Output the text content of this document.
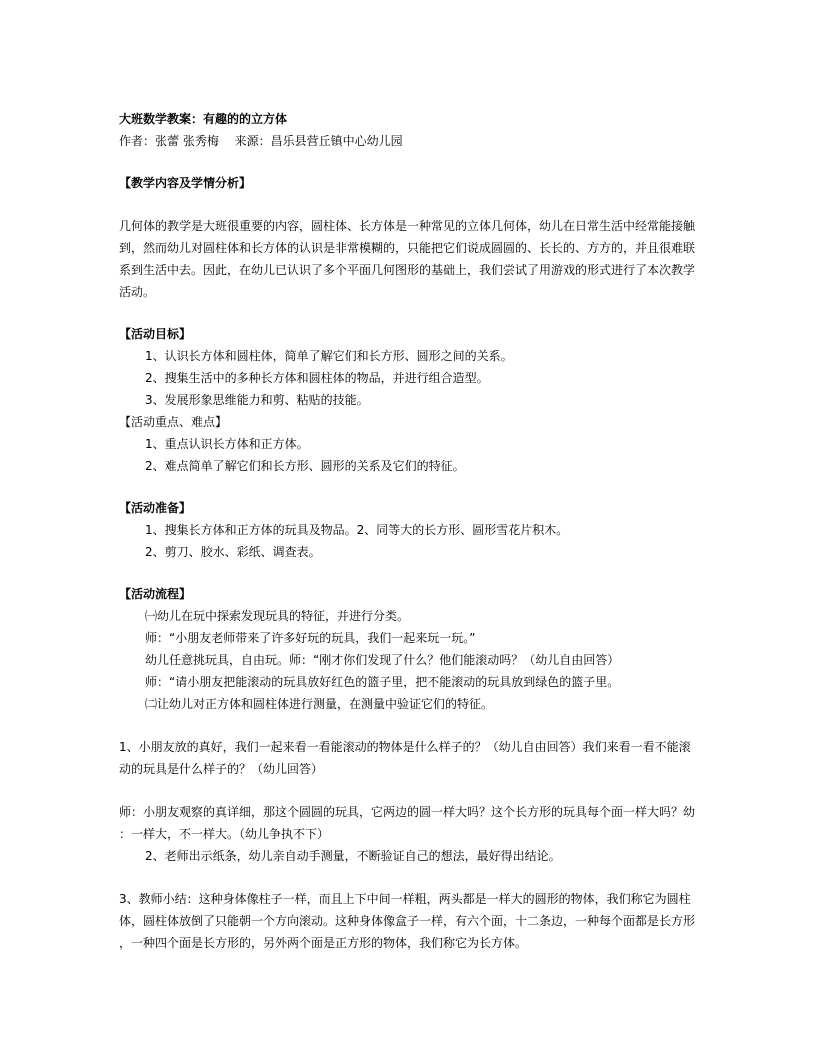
大班数学教案：有趣的的立方体

作者：张蕾 张秀梅 　来源：昌乐县营丘镇中心幼儿园

【教学内容及学情分析】

几何体的教学是大班很重要的内容，圆柱体、长方体是一种常见的立体几何体，幼儿在日常生活中经常能接触

到，然而幼儿对圆柱体和长方体的认识是非常模糊的，只能把它们说成圆圆的、长长的、方方的，并且很难联

系到生活中去。因此，在幼儿已认识了多个平面几何图形的基础上，我们尝试了用游戏的形式进行了本次教学

活动。

【活动目标】

1、认识长方体和圆柱体，简单了解它们和长方形、圆形之间的关系。

2、搜集生活中的多种长方体和圆柱体的物品，并进行组合造型。

3、发展形象思维能力和剪、粘贴的技能。

【活动重点、难点】

1、重点认识长方体和正方体。

2、难点简单了解它们和长方形、圆形的关系及它们的特征。

【活动准备】

1、搜集长方体和正方体的玩具及物品。2、同等大的长方形、圆形雪花片积木。

2、剪刀、胶水、彩纸、调查表。

【活动流程】

㈠幼儿在玩中探索发现玩具的特征，并进行分类。

师：“小朋友老师带来了许多好玩的玩具，我们一起来玩一玩。”

幼儿任意挑玩具，自由玩。师：“刚才你们发现了什么？他们能滚动吗？（幼儿自由回答）

师：“请小朋友把能滚动的玩具放好红色的篮子里，把不能滚动的玩具放到绿色的篮子里。

㈡让幼儿对正方体和圆柱体进行测量，在测量中验证它们的特征。

1、小朋友放的真好，我们一起来看一看能滚动的物体是什么样子的？（幼儿自由回答）我们来看一看不能滚

动的玩具是什么样子的？（幼儿回答）

师：小朋友观察的真详细，那这个圆圆的玩具，它两边的圆一样大吗？这个长方形的玩具每个面一样大吗？幼

：一样大，不一样大。（幼儿争执不下）

2、老师出示纸条，幼儿亲自动手测量，不断验证自己的想法，最好得出结论。

3、教师小结：这种身体像柱子一样，而且上下中间一样粗，两头都是一样大的圆形的物体，我们称它为圆柱

体，圆柱体放倒了只能朝一个方向滚动。这种身体像盒子一样，有六个面，十二条边，一种每个面都是长方形

，一种四个面是长方形的，另外两个面是正方形的物体，我们称它为长方体。
